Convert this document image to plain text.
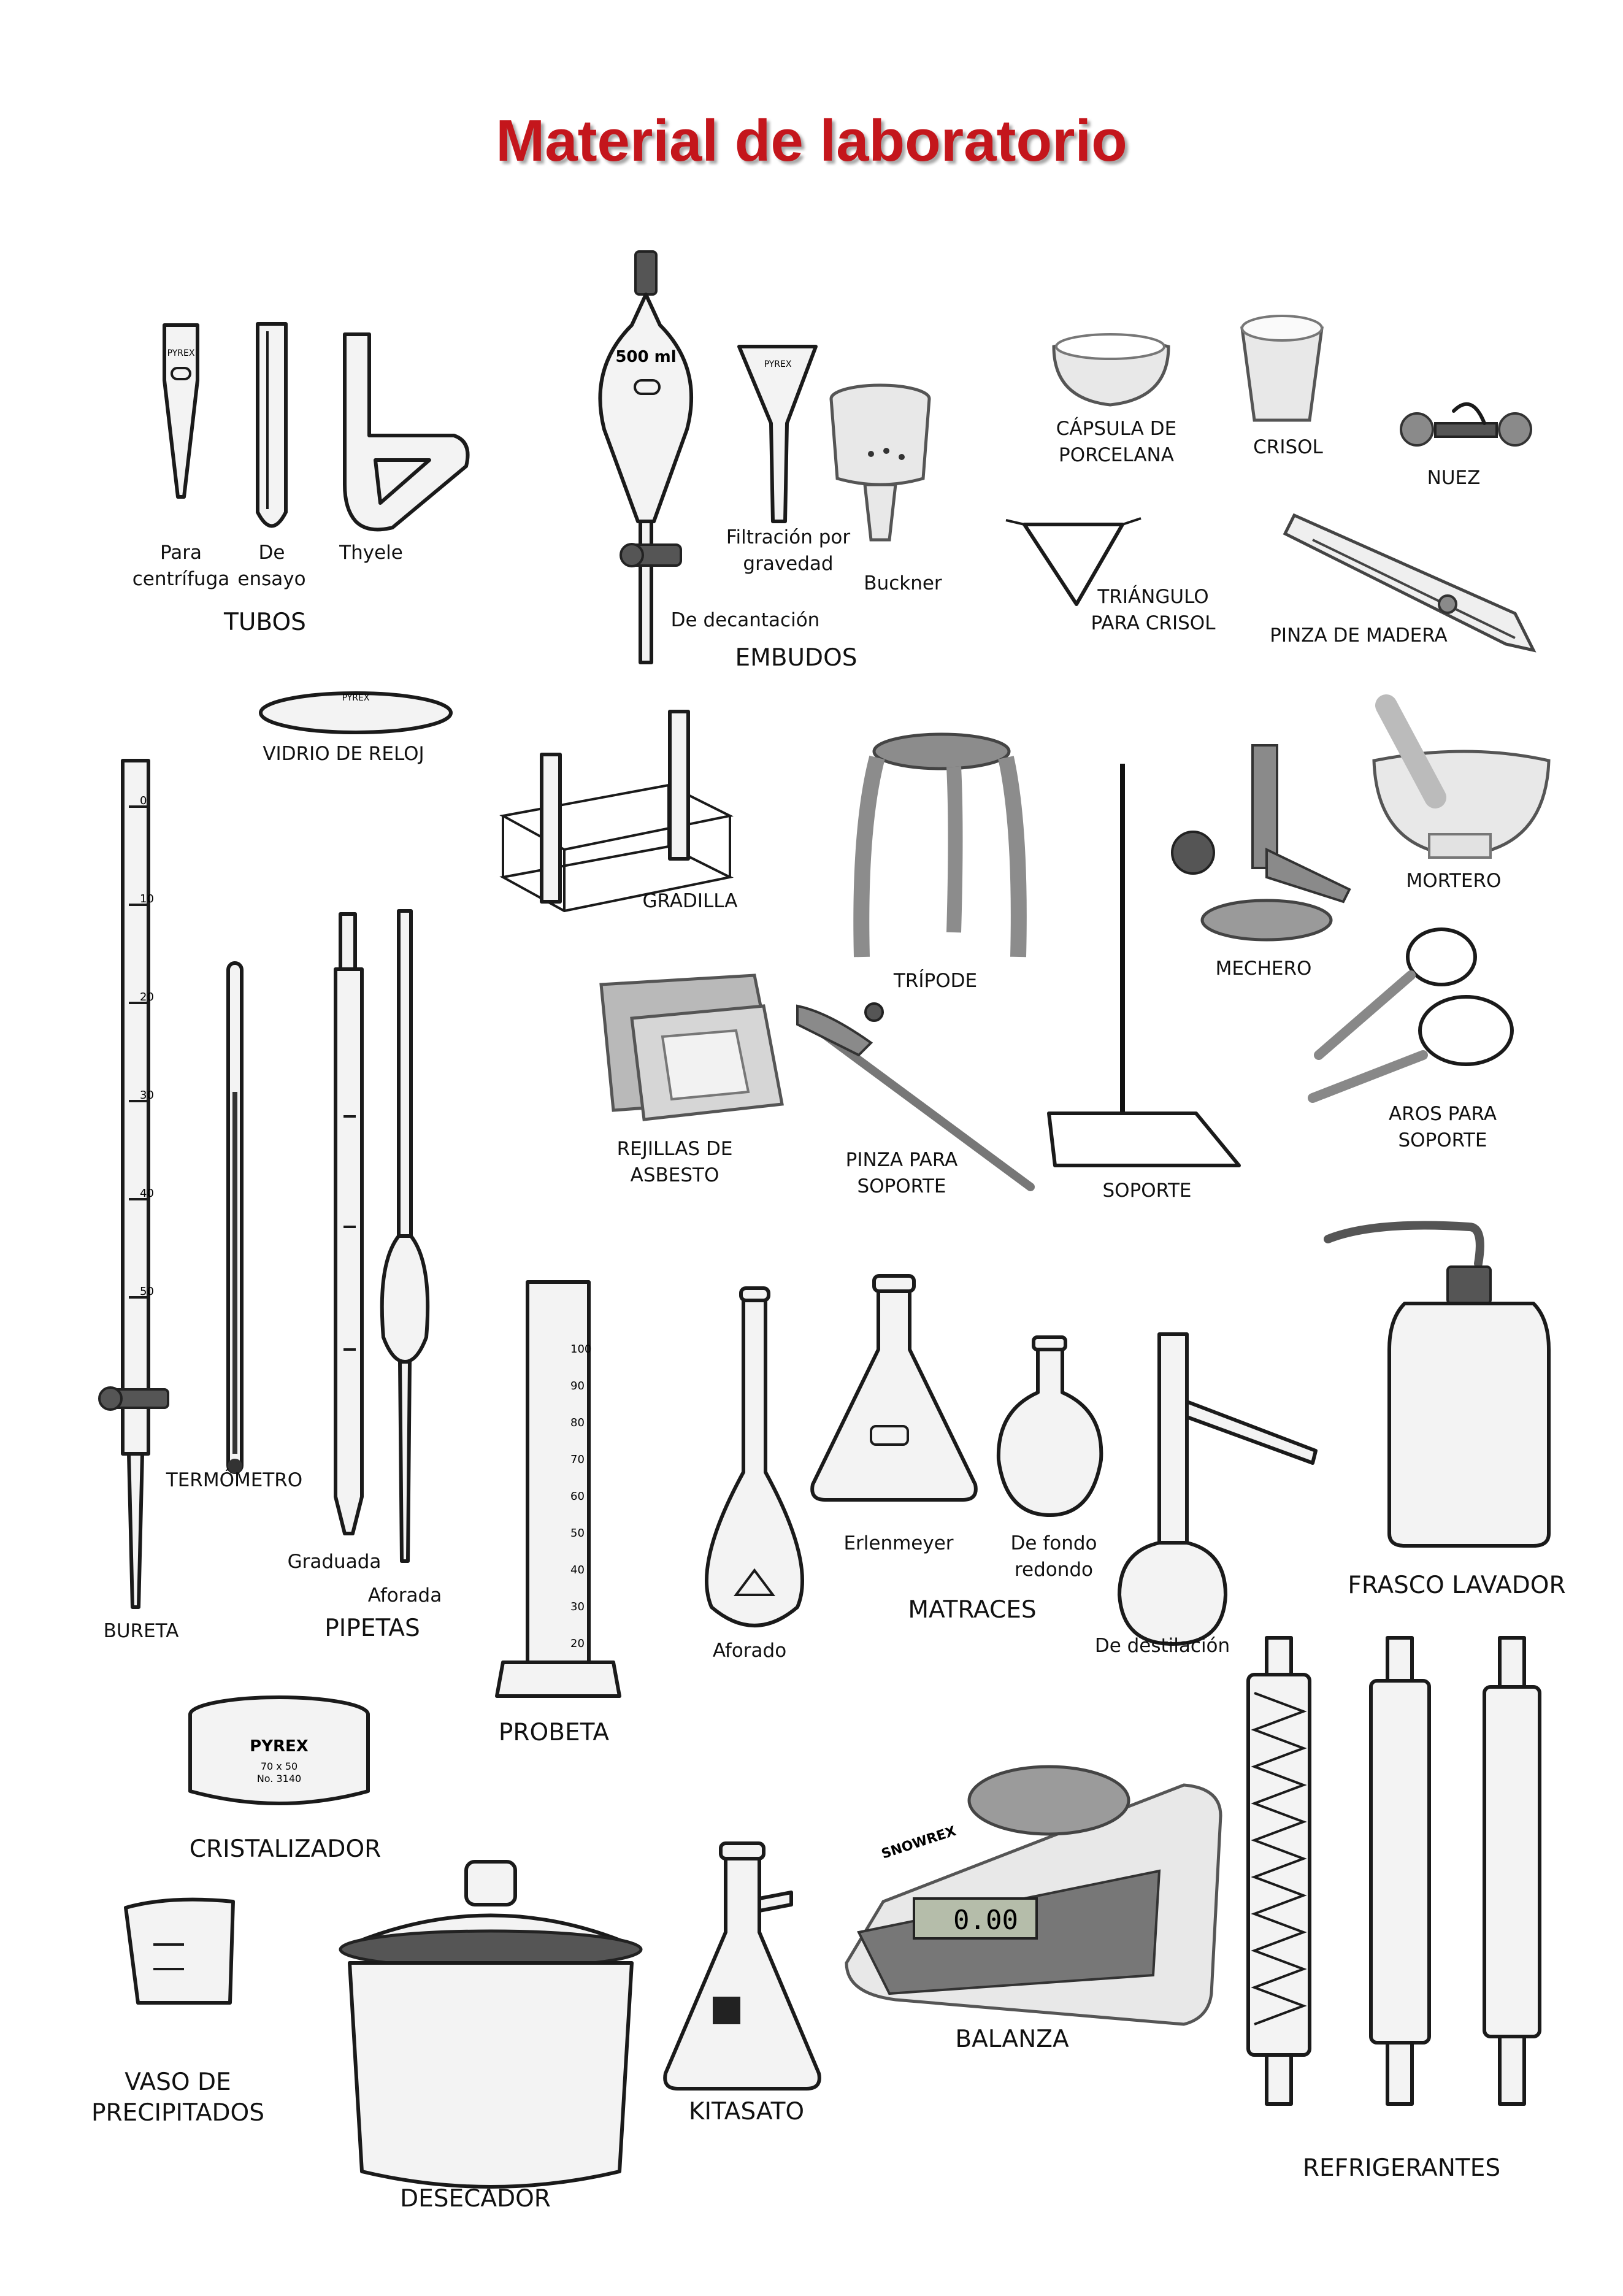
Material de laboratorio
PYREX	500 ml	PYREX
PYREX
0
10
20
30
40
50
100
90
80
70
60
50
40
30
20
PYREX
70 x 50
No. 3140
SNOWREX
0.00
Para
centrífuga
De
ensayo
Thyele
TUBOS	De decantación
Filtración por
gravedad
Buckner
EMBUDOS
CÁPSULA DE
PORCELANA	CRISOL
NUEZ
TRIÁNGULO
PARA CRISOL
PINZA DE MADERA
VIDRIO DE RELOJ
GRADILLA
TRÍPODE
MECHERO
MORTERO
REJILLAS DE
ASBESTO
PINZA PARA
SOPORTE	SOPORTE
AROS PARA
SOPORTE
TERMÓMETRO
Graduada
Aforada
BURETA	PIPETAS
PROBETA
Erlenmeyer	De fondo
redondo
Aforado
MATRACES
De destilación
FRASCO LAVADOR
CRISTALIZADOR
VASO DE
PRECIPITADOS
DESECADOR
KITASATO
BALANZA
REFRIGERANTES
